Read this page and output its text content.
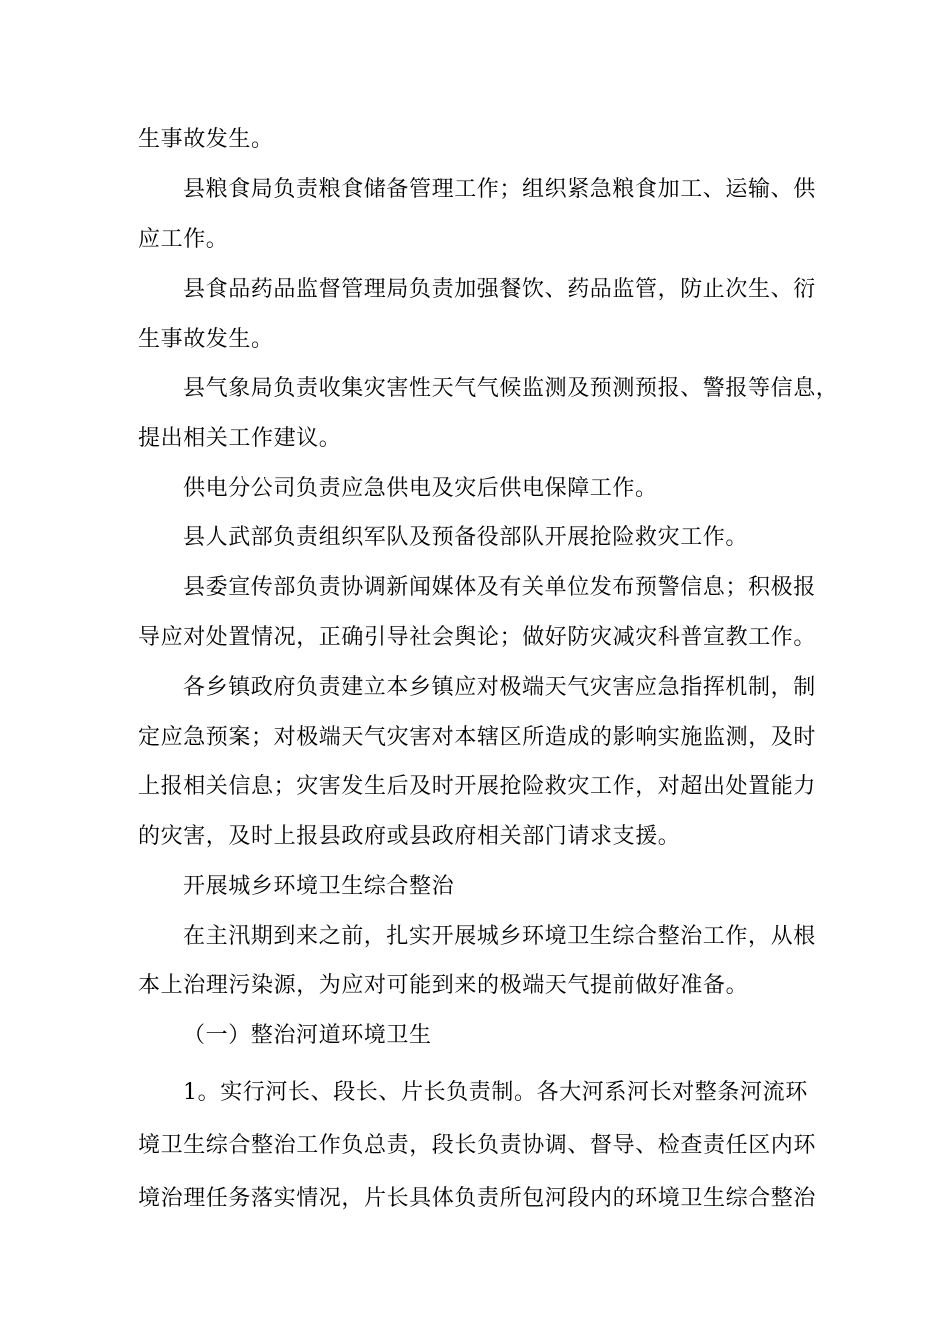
生事故发生。
县粮食局负责粮食储备管理工作；组织紧急粮食加工、运输、供
应工作。
县食品药品监督管理局负责加强餐饮、药品监管，防止次生、衍
生事故发生。
县气象局负责收集灾害性天气气候监测及预测预报、警报等信息，
提出相关工作建议。
供电分公司负责应急供电及灾后供电保障工作。
县人武部负责组织军队及预备役部队开展抢险救灾工作。
县委宣传部负责协调新闻媒体及有关单位发布预警信息；积极报
导应对处置情况，正确引导社会舆论；做好防灾减灾科普宣教工作。
各乡镇政府负责建立本乡镇应对极端天气灾害应急指挥机制，制
定应急预案；对极端天气灾害对本辖区所造成的影响实施监测，及时
上报相关信息；灾害发生后及时开展抢险救灾工作，对超出处置能力
的灾害，及时上报县政府或县政府相关部门请求支援。
开展城乡环境卫生综合整治
在主汛期到来之前，扎实开展城乡环境卫生综合整治工作，从根
本上治理污染源，为应对可能到来的极端天气提前做好准备。
（一）整治河道环境卫生
1。实行河长、段长、片长负责制。各大河系河长对整条河流环
境卫生综合整治工作负总责，段长负责协调、督导、检查责任区内环
境治理任务落实情况，片长具体负责所包河段内的环境卫生综合整治
